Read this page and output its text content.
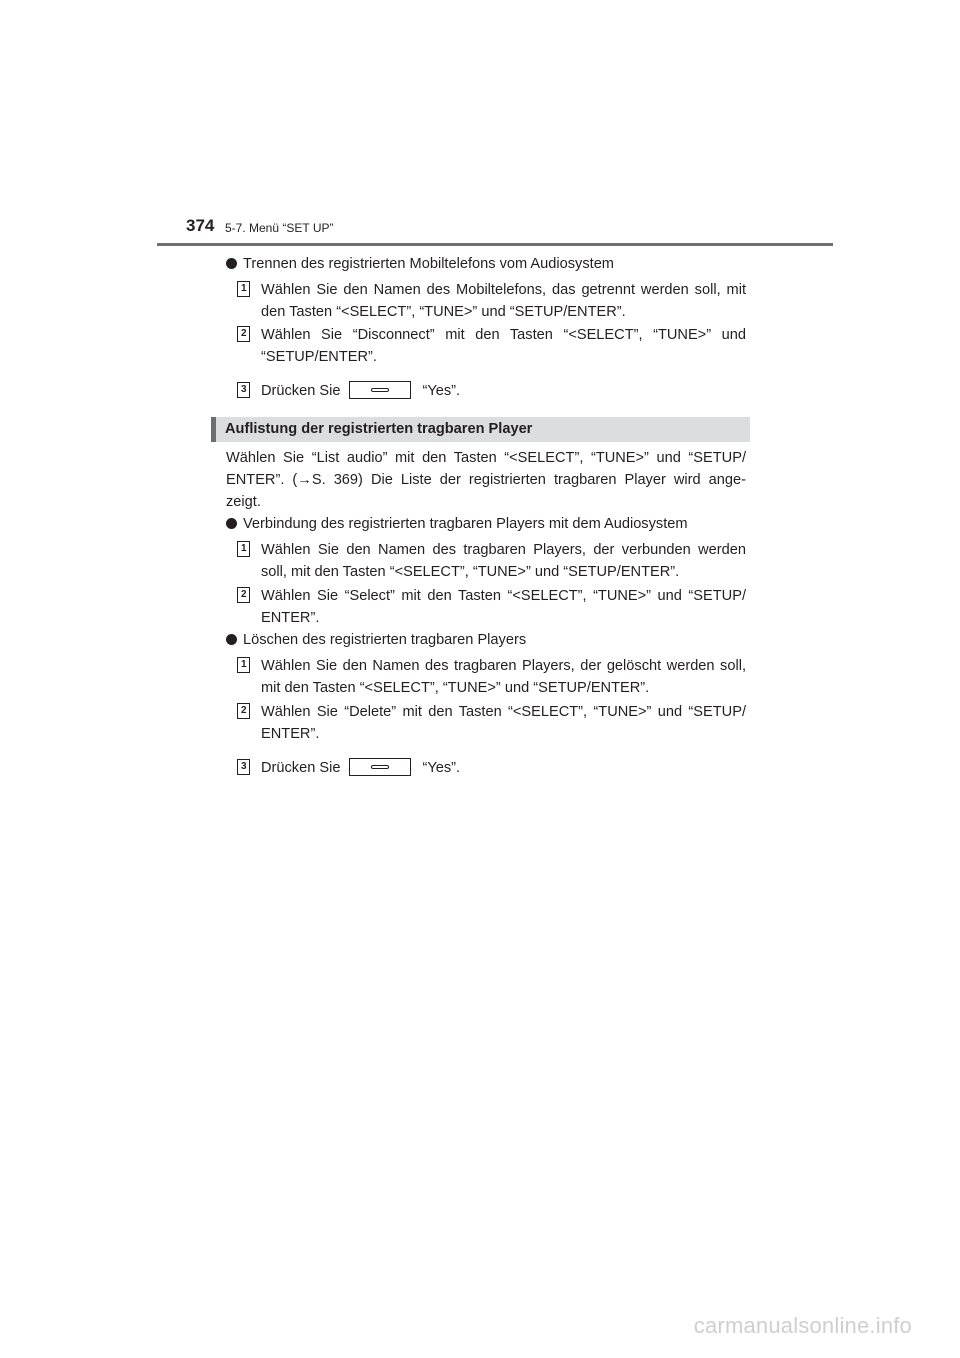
374 5-7. Menü “SET UP”
Trennen des registrierten Mobiltelefons vom Audiosystem
1 Wählen Sie den Namen des Mobiltelefons, das getrennt werden soll, mit den Tasten “<SELECT”, “TUNE>” und “SETUP/ENTER”.
2 Wählen Sie “Disconnect” mit den Tasten “<SELECT”, “TUNE>” und “SETUP/ENTER”.
3 Drücken Sie	“Yes”.
Auflistung der registrierten tragbaren Player
Wählen Sie “List audio” mit den Tasten “<SELECT”, “TUNE>” und “SETUP/
ENTER”. (→S. 369) Die Liste der registrierten tragbaren Player wird ange-
zeigt.
Verbindung des registrierten tragbaren Players mit dem Audiosystem
1 Wählen Sie den Namen des tragbaren Players, der verbunden werden soll, mit den Tasten “<SELECT”, “TUNE>” und “SETUP/ENTER”.
2 Wählen Sie “Select” mit den Tasten “<SELECT”, “TUNE>” und “SETUP/ ENTER”.
Löschen des registrierten tragbaren Players
1 Wählen Sie den Namen des tragbaren Players, der gelöscht werden soll, mit den Tasten “<SELECT”, “TUNE>” und “SETUP/ENTER”.
2 Wählen Sie “Delete” mit den Tasten “<SELECT”, “TUNE>” und “SETUP/ ENTER”.
3 Drücken Sie	“Yes”.
carmanualsonline.info
